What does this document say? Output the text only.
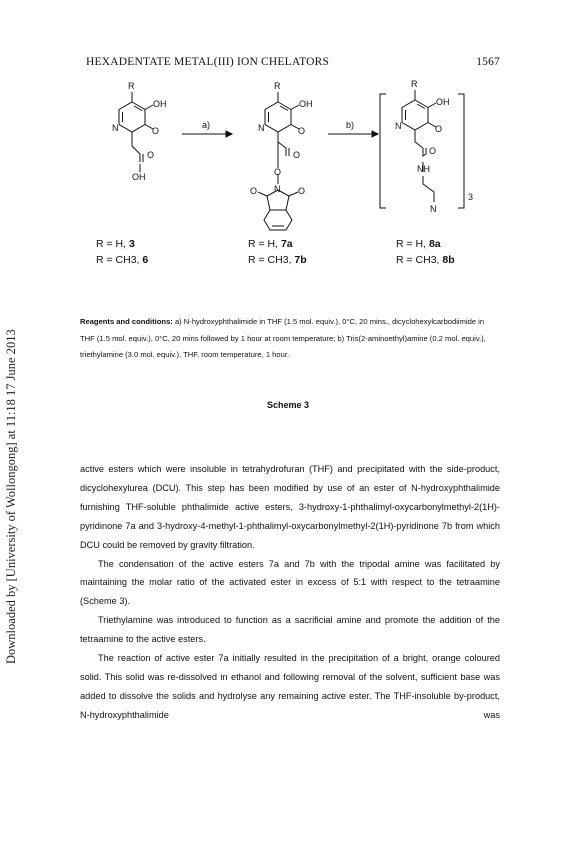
HEXADENTATE METAL(III) ION CHELATORS	1567
Downloaded by [University of Wollongong] at 11:18 17 June 2013
R
OH
N	O
O
OH
a)
R
OH
N	O
O
O
N
O	O
b)
R
OH
N	O
O
NH
N
3
R = H, 3
R = CH3, 6
R = H, 7a
R = CH3, 7b
R = H, 8a
R = CH3, 8b
Reagents and conditions: a) N-hydroxyphthalimide in THF (1.5 mol. equiv.), 0°C, 20 mins., dicyclohexylcarbodiimide in THF (1.5 mol. equiv.), 0°C, 20 mins followed by 1 hour at room temperature; b) Tris(2-aminoethyl)amine (0.2 mol. equiv.), triethylamine (3.0 mol. equiv.), THF, room temperature, 1 hour.
Scheme 3

active esters which were insoluble in tetrahydrofuran (THF) and precipitated with the side-product, dicyclohexylurea (DCU). This step has been modified by use of an ester of N-hydroxyphthalimide furnishing THF-soluble phthalimide active esters, 3-hydroxy-1-phthalimyl-oxycarbonylmethyl-2(1H)-pyridinone 7a and 3-hydroxy-4-methyl-1-phthalimyl-oxycarbonylmethyl-2(1H)-pyridinone 7b from which DCU could be removed by gravity filtration.

The condensation of the active esters 7a and 7b with the tripodal amine was facilitated by maintaining the molar ratio of the activated ester in excess of 5:1 with respect to the tetraamine (Scheme 3).

Triethylamine was introduced to function as a sacrificial amine and promote the addition of the tetraamine to the active esters.

The reaction of active ester 7a initially resulted in the precipitation of a bright, orange coloured solid. This solid was re-dissolved in ethanol and following removal of the solvent, sufficient base was added to dissolve the solids and hydrolyse any remaining active ester. The THF-insoluble by-product, N-hydroxyphthalimide was
